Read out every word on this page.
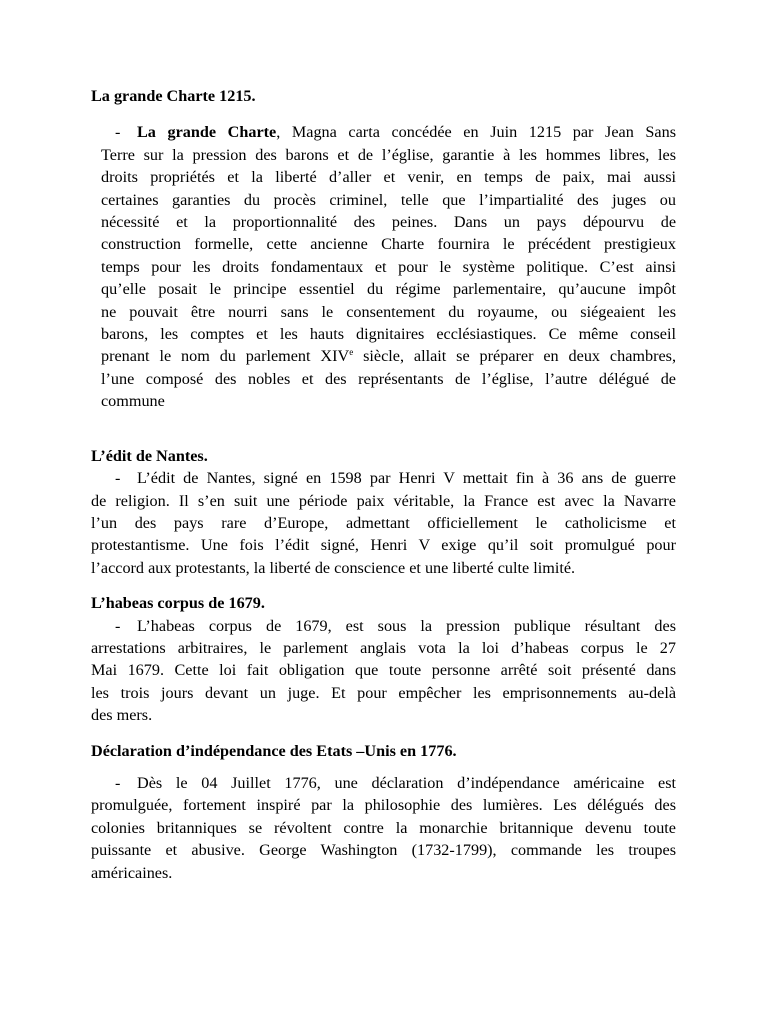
La grande Charte 1215.

- La grande Charte, Magna carta concédée en Juin 1215 par Jean Sans
Terre sur la pression des barons et de l’église, garantie à les hommes libres, les
droits propriétés et la liberté d’aller et venir, en temps de paix, mai aussi
certaines garanties du procès criminel, telle que l’impartialité des juges ou
nécessité et la proportionnalité des peines. Dans un pays dépourvu de
construction formelle, cette ancienne Charte fournira le précédent prestigieux
temps pour les droits fondamentaux et pour le système politique. C’est ainsi
qu’elle posait le principe essentiel du régime parlementaire, qu’aucune impôt
ne pouvait être nourri sans le consentement du royaume, ou siégeaient les
barons, les comptes et les hauts dignitaires ecclésiastiques. Ce même conseil
prenant le nom du parlement XIVe siècle, allait se préparer en deux chambres,
l’une composé des nobles et des représentants de l’église, l’autre délégué de
commune

L’édit de Nantes.

- L’édit de Nantes, signé en 1598 par Henri V mettait fin à 36 ans de guerre
de religion. Il s’en suit une période paix véritable, la France est avec la Navarre
l’un des pays rare d’Europe, admettant officiellement le catholicisme et
protestantisme. Une fois l’édit signé, Henri V exige qu’il soit promulgué pour
l’accord aux protestants, la liberté de conscience et une liberté culte limité.

L’habeas corpus de 1679.

- L’habeas corpus de 1679, est sous la pression publique résultant des
arrestations arbitraires, le parlement anglais vota la loi d’habeas corpus le 27
Mai 1679. Cette loi fait obligation que toute personne arrêté soit présenté dans
les trois jours devant un juge. Et pour empêcher les emprisonnements au-delà
des mers.

Déclaration d’indépendance des Etats –Unis en 1776.

- Dès le 04 Juillet 1776, une déclaration d’indépendance américaine est
promulguée, fortement inspiré par la philosophie des lumières. Les délégués des
colonies britanniques se révoltent contre la monarchie britannique devenu toute
puissante et abusive. George Washington (1732-1799), commande les troupes
américaines.
